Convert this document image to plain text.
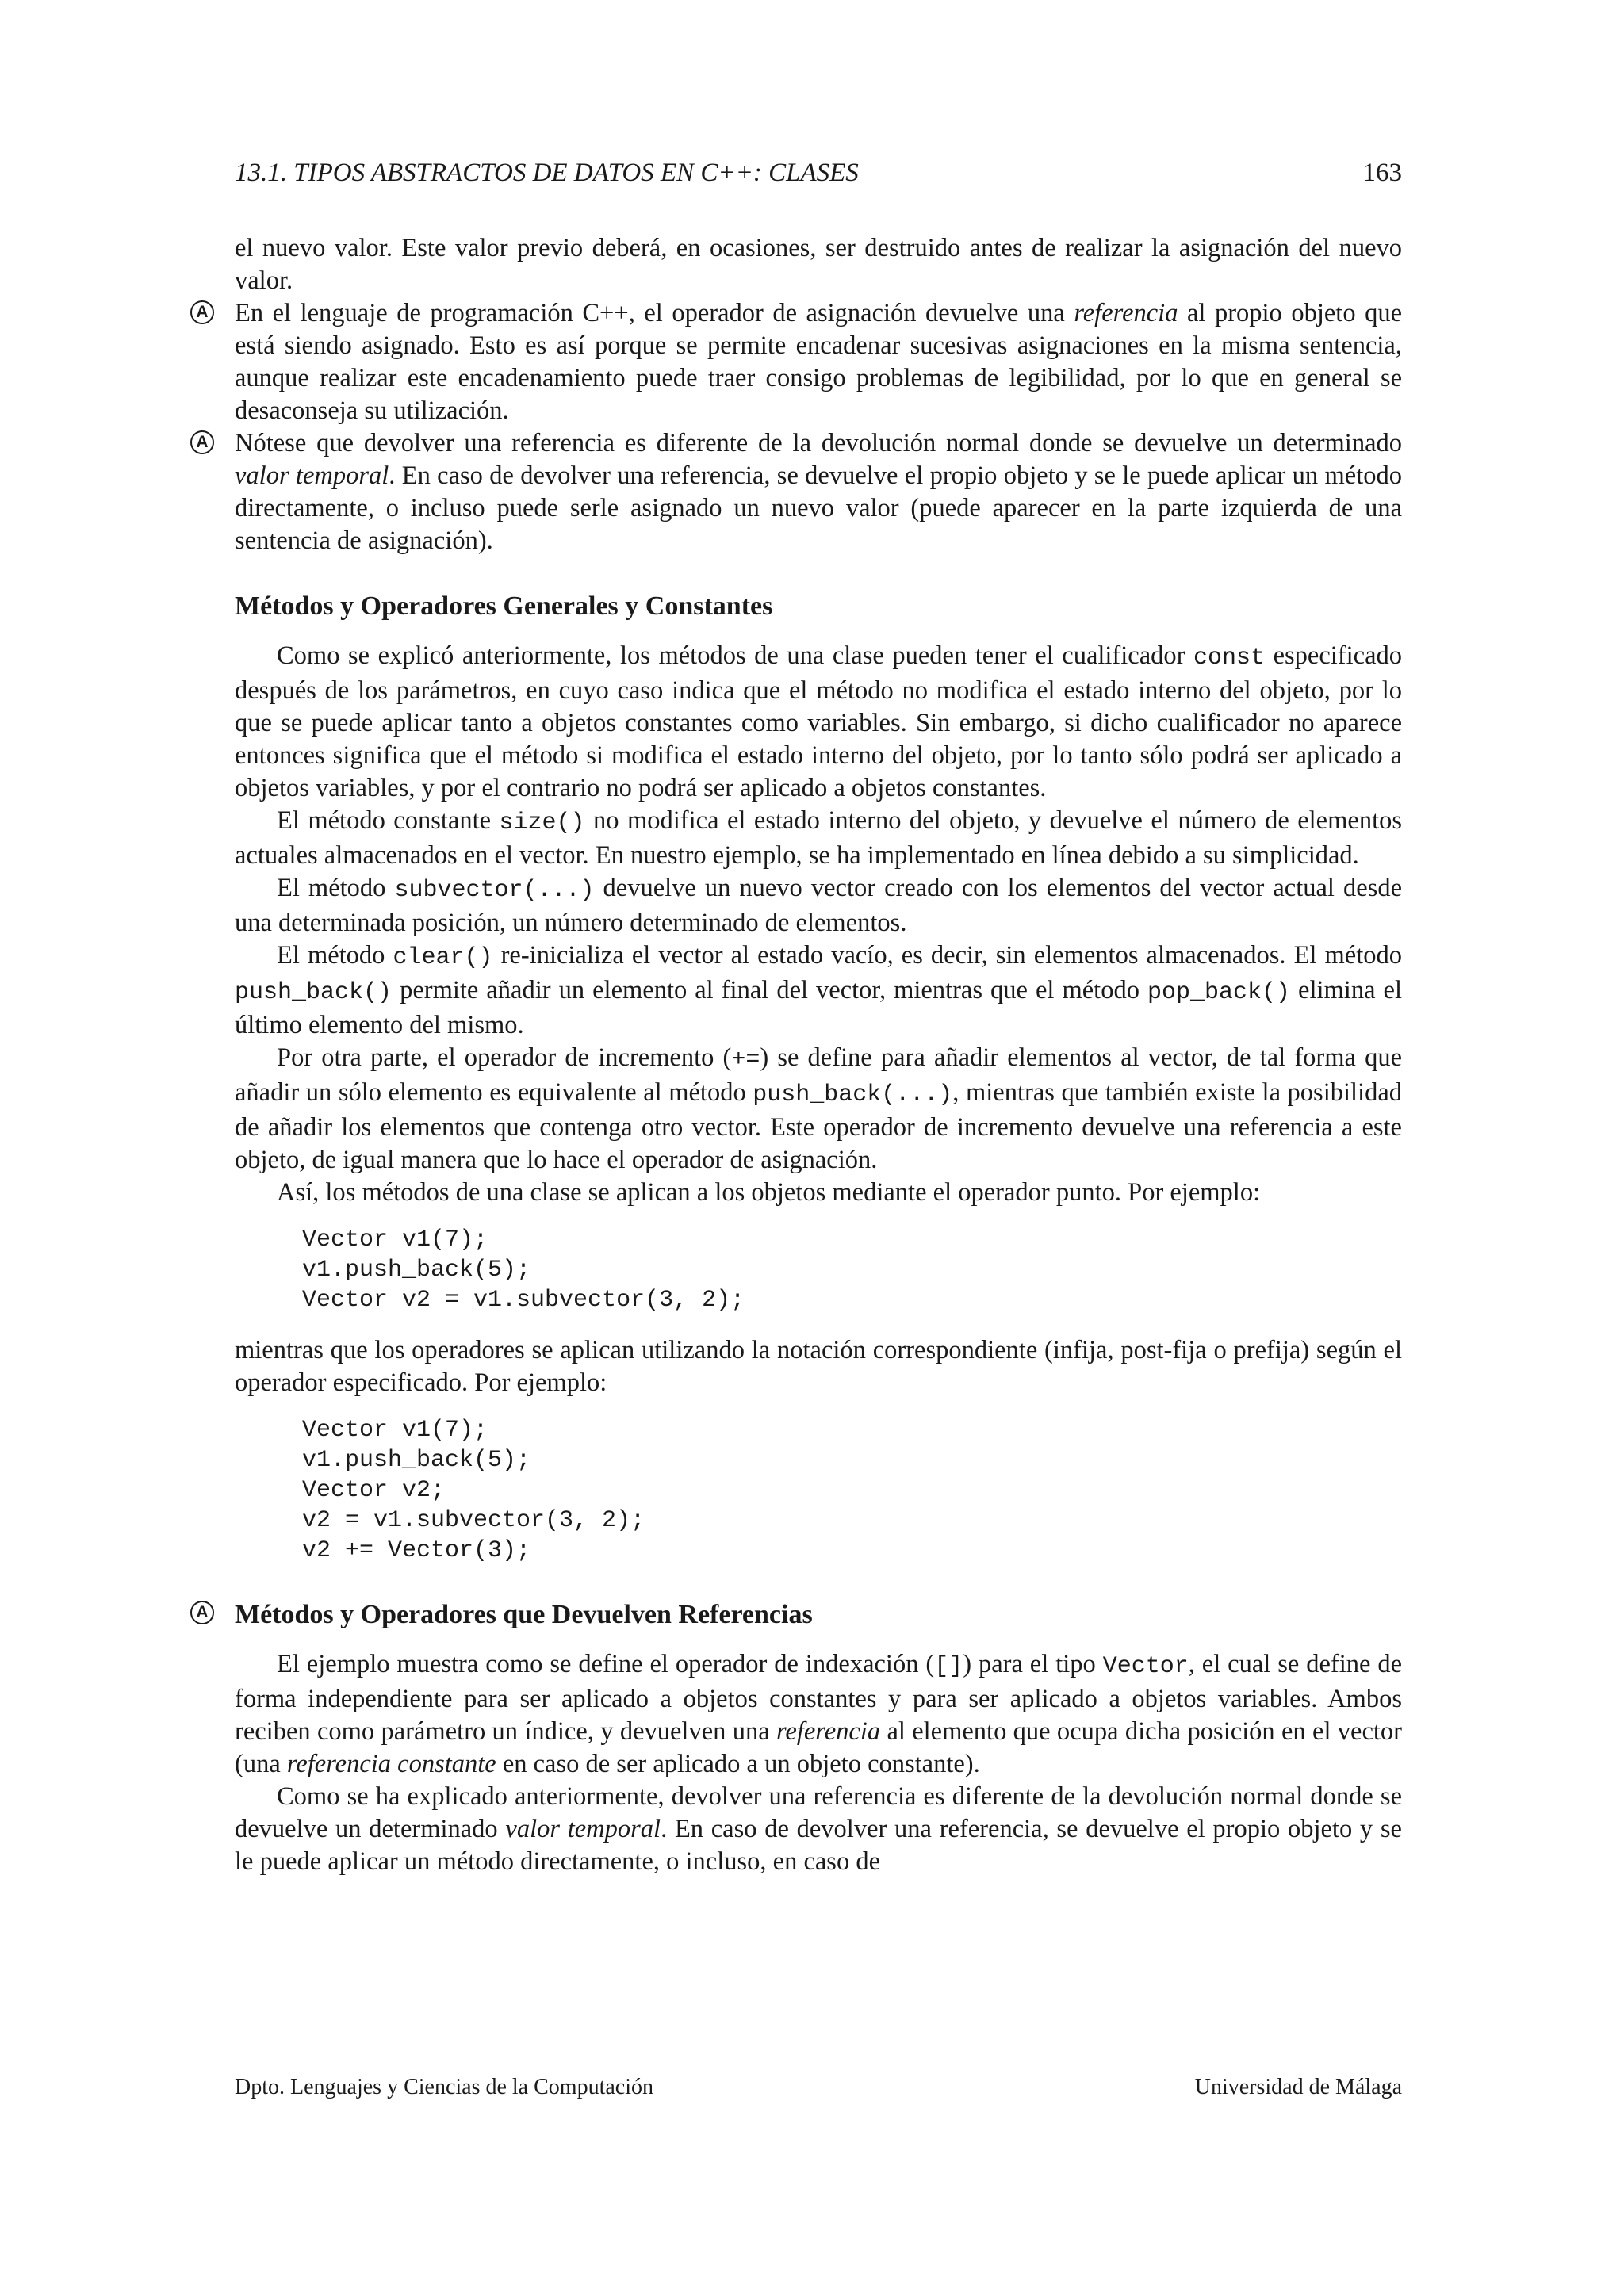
13.1. TIPOS ABSTRACTOS DE DATOS EN C++: CLASES	163

el nuevo valor. Este valor previo deberá, en ocasiones, ser destruido antes de realizar la asignación del nuevo valor.

A En el lenguaje de programación C++, el operador de asignación devuelve una referencia al propio objeto que está siendo asignado. Esto es así porque se permite encadenar sucesivas asignaciones en la misma sentencia, aunque realizar este encadenamiento puede traer consigo problemas de legibilidad, por lo que en general se desaconseja su utilización.

A Nótese que devolver una referencia es diferente de la devolución normal donde se devuelve un determinado valor temporal. En caso de devolver una referencia, se devuelve el propio objeto y se le puede aplicar un método directamente, o incluso puede serle asignado un nuevo valor (puede aparecer en la parte izquierda de una sentencia de asignación).

Métodos y Operadores Generales y Constantes

Como se explicó anteriormente, los métodos de una clase pueden tener el cualificador const especificado después de los parámetros, en cuyo caso indica que el método no modifica el estado interno del objeto, por lo que se puede aplicar tanto a objetos constantes como variables. Sin embargo, si dicho cualificador no aparece entonces significa que el método si modifica el estado interno del objeto, por lo tanto sólo podrá ser aplicado a objetos variables, y por el contrario no podrá ser aplicado a objetos constantes.

El método constante size() no modifica el estado interno del objeto, y devuelve el número de elementos actuales almacenados en el vector. En nuestro ejemplo, se ha implementado en línea debido a su simplicidad.

El método subvector(...) devuelve un nuevo vector creado con los elementos del vector actual desde una determinada posición, un número determinado de elementos.

El método clear() re-inicializa el vector al estado vacío, es decir, sin elementos almacenados. El método push_back() permite añadir un elemento al final del vector, mientras que el método pop_back() elimina el último elemento del mismo.

Por otra parte, el operador de incremento (+=) se define para añadir elementos al vector, de tal forma que añadir un sólo elemento es equivalente al método push_back(...), mientras que también existe la posibilidad de añadir los elementos que contenga otro vector. Este operador de incremento devuelve una referencia a este objeto, de igual manera que lo hace el operador de asignación.

Así, los métodos de una clase se aplican a los objetos mediante el operador punto. Por ejemplo:

Vector v1(7);
v1.push_back(5);
Vector v2 = v1.subvector(3, 2);

mientras que los operadores se aplican utilizando la notación correspondiente (infija, post-fija o prefija) según el operador especificado. Por ejemplo:

Vector v1(7);
v1.push_back(5);
Vector v2;
v2 = v1.subvector(3, 2);
v2 += Vector(3);
A Métodos y Operadores que Devuelven Referencias

El ejemplo muestra como se define el operador de indexación ([]) para el tipo Vector, el cual se define de forma independiente para ser aplicado a objetos constantes y para ser aplicado a objetos variables. Ambos reciben como parámetro un índice, y devuelven una referencia al elemento que ocupa dicha posición en el vector (una referencia constante en caso de ser aplicado a un objeto constante).

Como se ha explicado anteriormente, devolver una referencia es diferente de la devolución normal donde se devuelve un determinado valor temporal. En caso de devolver una referencia, se devuelve el propio objeto y se le puede aplicar un método directamente, o incluso, en caso de

Dpto. Lenguajes y Ciencias de la Computación	Universidad de Málaga
